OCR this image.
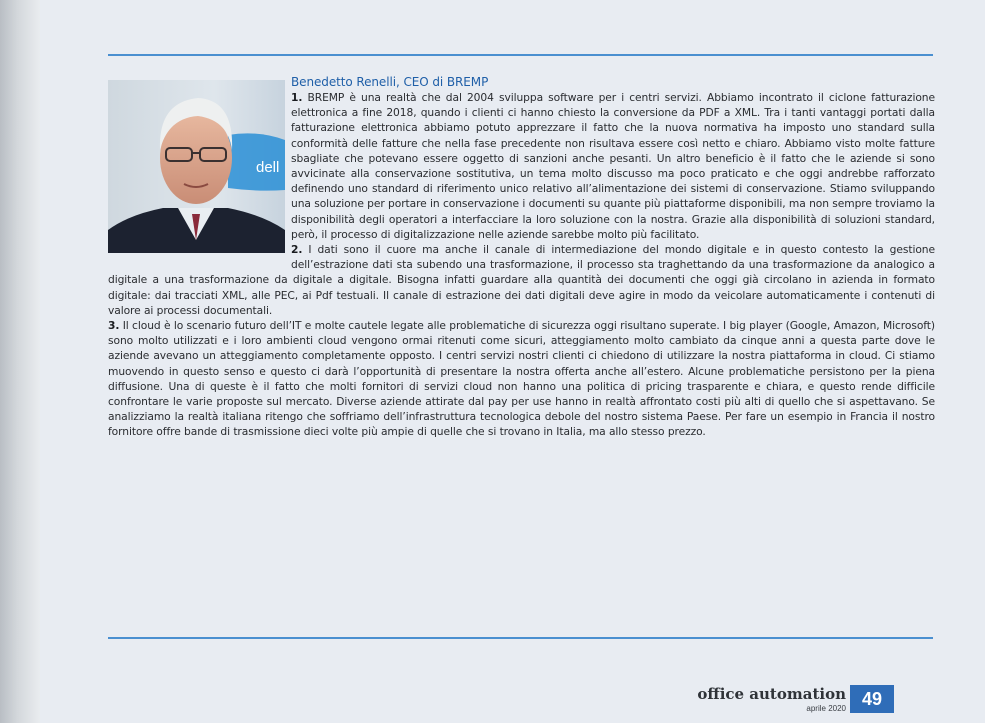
dell

Benedetto Renelli, CEO di BREMP

1. BREMP è una realtà che dal 2004 sviluppa software per i centri servizi. Abbiamo incontrato il ciclone fatturazione elettronica a fine 2018, quando i clienti ci hanno chiesto la conversione da PDF a XML. Tra i tanti vantaggi portati dalla fatturazione elettronica abbiamo potuto apprezzare il fatto che la nuova normativa ha imposto uno standard sulla conformità delle fatture che nella fase precedente non risultava essere così netto e chiaro. Abbiamo visto molte fatture sbagliate che potevano essere oggetto di sanzioni anche pesanti. Un altro beneficio è il fatto che le aziende si sono avvicinate alla conservazione sostitutiva, un tema molto discusso ma poco praticato e che oggi andrebbe rafforzato definendo uno standard di riferimento unico relativo all’alimentazione dei sistemi di conservazione. Stiamo sviluppando una soluzione per portare in conservazione i documenti su quante più piattaforme disponibili, ma non sempre troviamo la disponibilità degli operatori a interfacciare la loro soluzione con la nostra. Grazie alla disponibilità di soluzioni standard, però, il processo di digitalizzazione nelle aziende sarebbe molto più facilitato.

2. I dati sono il cuore ma anche il canale di intermediazione del mondo digitale e in questo contesto la gestione dell’estrazione dati sta subendo una trasformazione, il processo sta traghettando da una trasformazione da analogico a digitale a una trasformazione da digitale a digitale. Bisogna infatti guardare alla quantità dei documenti che oggi già circolano in azienda in formato digitale: dai tracciati XML, alle PEC, ai Pdf testuali. Il canale di estrazione dei dati digitali deve agire in modo da veicolare automaticamente i contenuti di valore ai processi documentali.

3. Il cloud è lo scenario futuro dell’IT e molte cautele legate alle problematiche di sicurezza oggi risultano superate. I big player (Google, Amazon, Microsoft) sono molto utilizzati e i loro ambienti cloud vengono ormai ritenuti come sicuri, atteggiamento molto cambiato da cinque anni a questa parte dove le aziende avevano un atteggiamento completamente opposto. I centri servizi nostri clienti ci chiedono di utilizzare la nostra piattaforma in cloud. Ci stiamo muovendo in questo senso e questo ci darà l’opportunità di presentare la nostra offerta anche all’estero. Alcune problematiche persistono per la piena diffusione. Una di queste è il fatto che molti fornitori di servizi cloud non hanno una politica di pricing trasparente e chiara, e questo rende difficile confrontare le varie proposte sul mercato. Diverse aziende attirate dal pay per use hanno in realtà affrontato costi più alti di quello che si aspettavano. Se analizziamo la realtà italiana ritengo che soffriamo dell’infrastruttura tecnologica debole del nostro sistema Paese. Per fare un esempio in Francia il nostro fornitore offre bande di trasmissione dieci volte più ampie di quelle che si trovano in Italia, ma allo stesso prezzo.

office automation
aprile 2020 49
